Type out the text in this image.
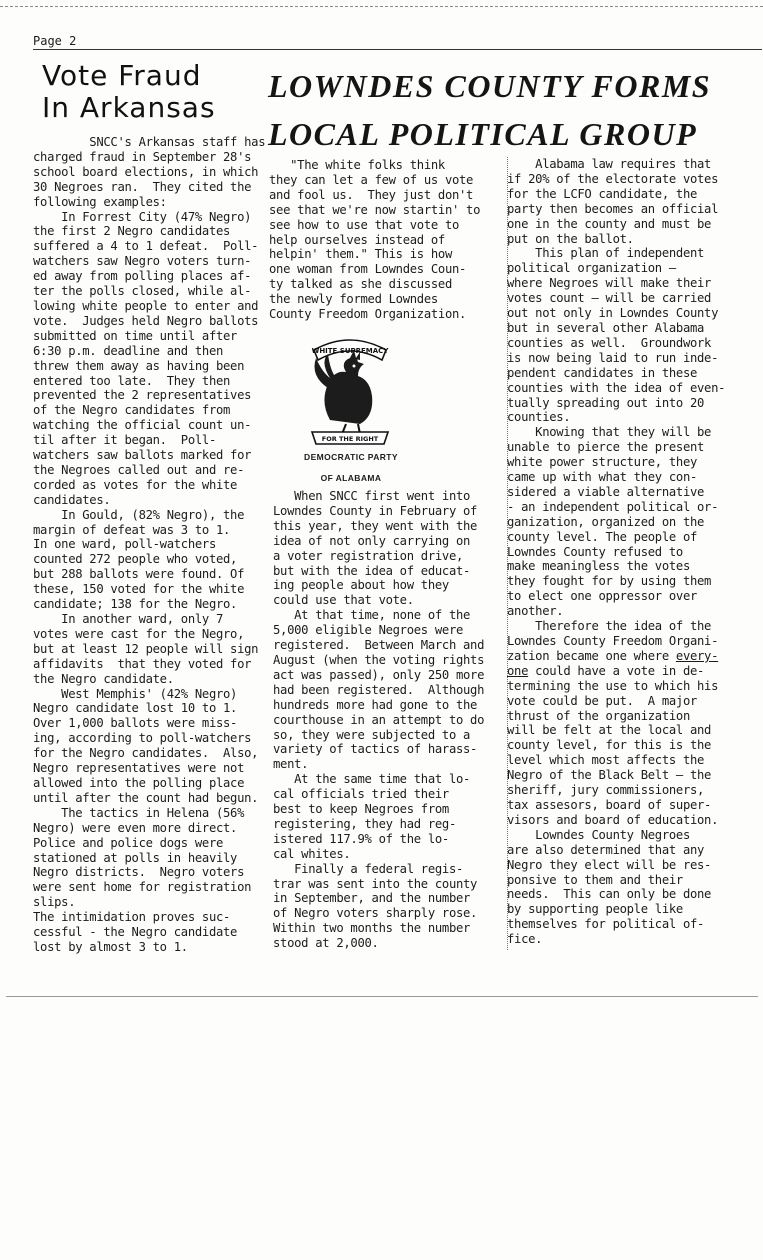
Page 2
Vote Fraud
In Arkansas
LOWNDES COUNTY FORMS
LOCAL POLITICAL GROUP
SNCC's Arkansas staff has
charged fraud in September 28's
school board elections, in which
30 Negroes ran.  They cited the
following examples:
In Forrest City (47% Negro)
the first 2 Negro candidates
suffered a 4 to 1 defeat.  Poll-
watchers saw Negro voters turn-
ed away from polling places af-
ter the polls closed, while al-
lowing white people to enter and
vote.  Judges held Negro ballots
submitted on time until after
6:30 p.m. deadline and then
threw them away as having been
entered too late.  They then
prevented the 2 representatives
of the Negro candidates from
watching the official count un-
til after it began.  Poll-
watchers saw ballots marked for
the Negroes called out and re-
corded as votes for the white
candidates.
In Gould, (82% Negro), the
margin of defeat was 3 to 1.
In one ward, poll-watchers
counted 272 people who voted,
but 288 ballots were found. Of
these, 150 voted for the white
candidate; 138 for the Negro.
In another ward, only 7
votes were cast for the Negro,
but at least 12 people will sign
affidavits  that they voted for
the Negro candidate.
West Memphis' (42% Negro)
Negro candidate lost 10 to 1.
Over 1,000 ballots were miss-
ing, according to poll-watchers
for the Negro candidates.  Also,
Negro representatives were not
allowed into the polling place
until after the count had begun.
The tactics in Helena (56%
Negro) were even more direct.
Police and police dogs were
stationed at polls in heavily
Negro districts.  Negro voters
were sent home for registration
slips.
The intimidation proves suc-
cessful - the Negro candidate
lost by almost 3 to 1.
"The white folks think
they can let a few of us vote
and fool us.  They just don't
see that we're now startin' to
see how to use that vote to
help ourselves instead of
helpin' them." This is how
one woman from Lowndes Coun-
ty talked as she discussed
the newly formed Lowndes
County Freedom Organization.
WHITE SUPREMACY
FOR THE RIGHT
DEMOCRATIC PARTY
OF ALABAMA
When SNCC first went into
Lowndes County in February of
this year, they went with the
idea of not only carrying on
a voter registration drive,
but with the idea of educat-
ing people about how they
could use that vote.
At that time, none of the
5,000 eligible Negroes were
registered.  Between March and
August (when the voting rights
act was passed), only 250 more
had been registered.  Although
hundreds more had gone to the
courthouse in an attempt to do
so, they were subjected to a
variety of tactics of harass-
ment.
At the same time that lo-
cal officials tried their
best to keep Negroes from
registering, they had reg-
istered 117.9% of the lo-
cal whites.
Finally a federal regis-
trar was sent into the county
in September, and the number
of Negro voters sharply rose.
Within two months the number
stood at 2,000.
Alabama law requires that
if 20% of the electorate votes
for the LCFO candidate, the
party then becomes an official
one in the county and must be
put on the ballot.
This plan of independent
political organization —
where Negroes will make their
votes count — will be carried
out not only in Lowndes County
but in several other Alabama
counties as well.  Groundwork
is now being laid to run inde-
pendent candidates in these
counties with the idea of even-
tually spreading out into 20
counties.
Knowing that they will be
unable to pierce the present
white power structure, they
came up with what they con-
sidered a viable alternative
- an independent political or-
ganization, organized on the
county level. The people of
Lowndes County refused to
make meaningless the votes
they fought for by using them
to elect one oppressor over
another.
Therefore the idea of the
Lowndes County Freedom Organi-
zation became one where every-
one could have a vote in de-
termining the use to which his
vote could be put.  A major
thrust of the organization
will be felt at the local and
county level, for this is the
level which most affects the
Negro of the Black Belt — the
sheriff, jury commissioners,
tax assesors, board of super-
visors and board of education.
Lowndes County Negroes
are also determined that any
Negro they elect will be res-
ponsive to them and their
needs.  This can only be done
by supporting people like
themselves for political of-
fice.
